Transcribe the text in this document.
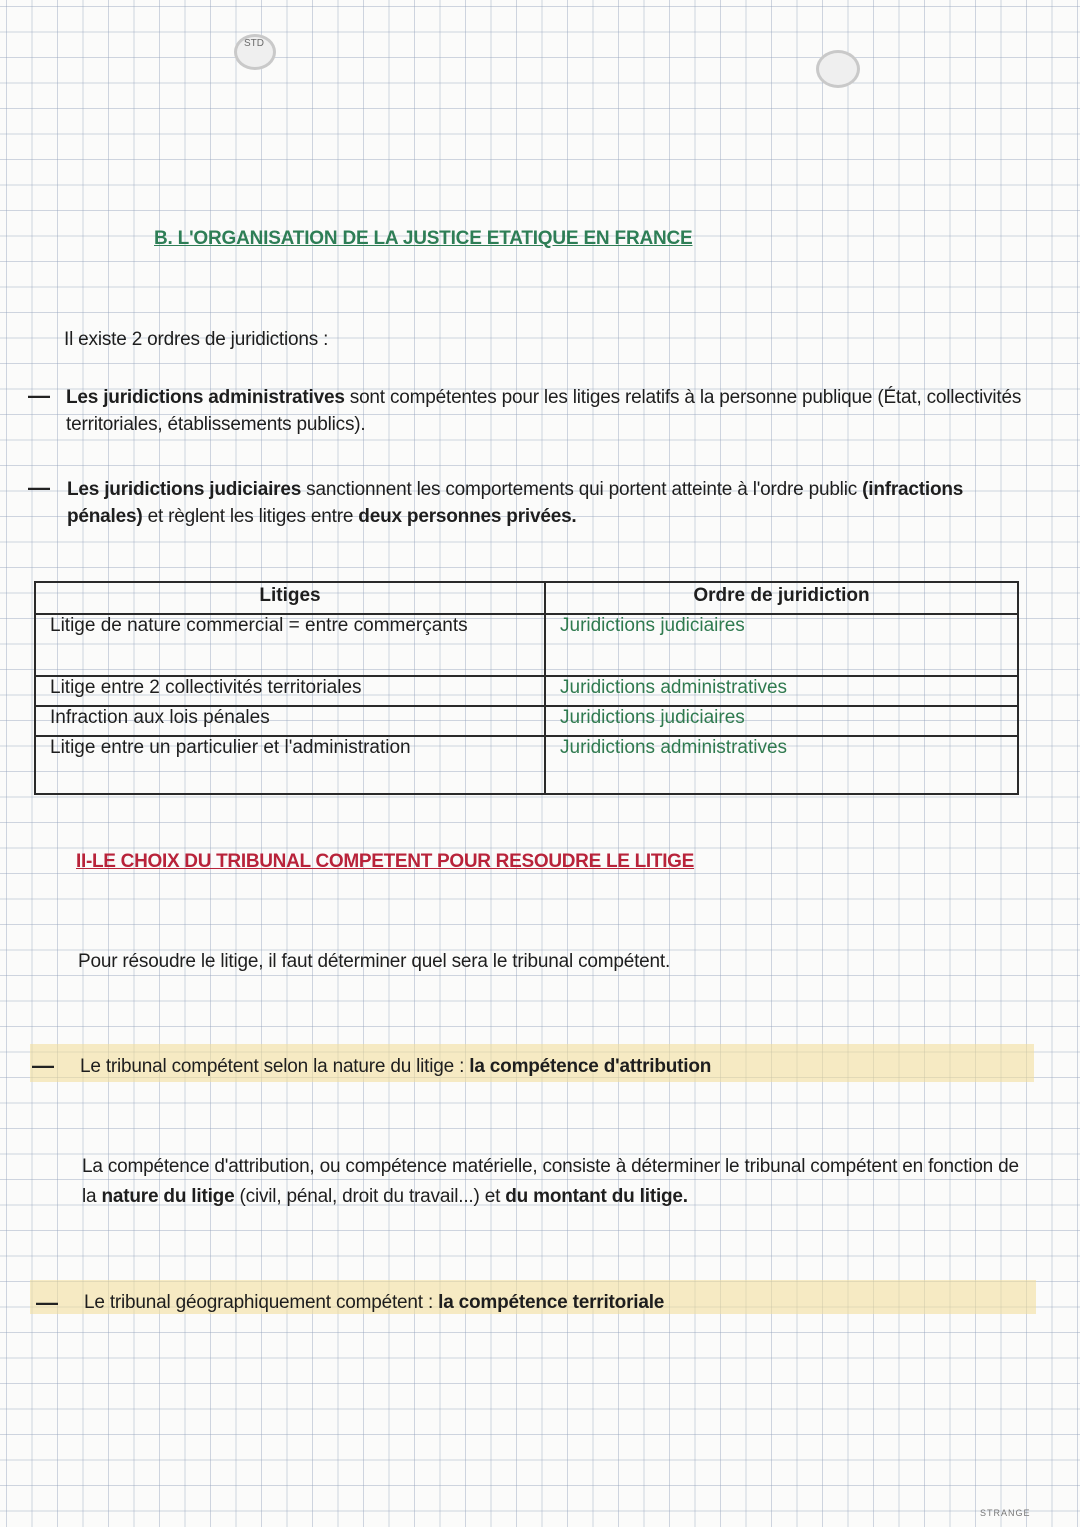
STD
B. L'ORGANISATION DE LA JUSTICE ETATIQUE EN FRANCE
Il existe 2 ordres de juridictions :
— Les juridictions administratives sont compétentes pour les litiges relatifs à la personne publique (État, collectivités territoriales, établissements publics).
— Les juridictions judiciaires sanctionnent les comportements qui portent atteinte à l'ordre public (infractions pénales) et règlent les litiges entre deux personnes privées.
Litiges	Ordre de juridiction
Litige de nature commercial = entre commerçants	Juridictions judiciaires
Litige entre 2 collectivités territoriales	Juridictions administratives
Infraction aux lois pénales	Juridictions judiciaires
Litige entre un particulier et l'administration	Juridictions administratives
II-LE CHOIX DU TRIBUNAL COMPETENT POUR RESOUDRE LE LITIGE
Pour résoudre le litige, il faut déterminer quel sera le tribunal compétent.
— Le tribunal compétent selon la nature du litige : la compétence d'attribution
La compétence d'attribution, ou compétence matérielle, consiste à déterminer le tribunal compétent en fonction de la nature du litige (civil, pénal, droit du travail...) et du montant du litige.
— Le tribunal géographiquement compétent : la compétence territoriale
STRANGE
